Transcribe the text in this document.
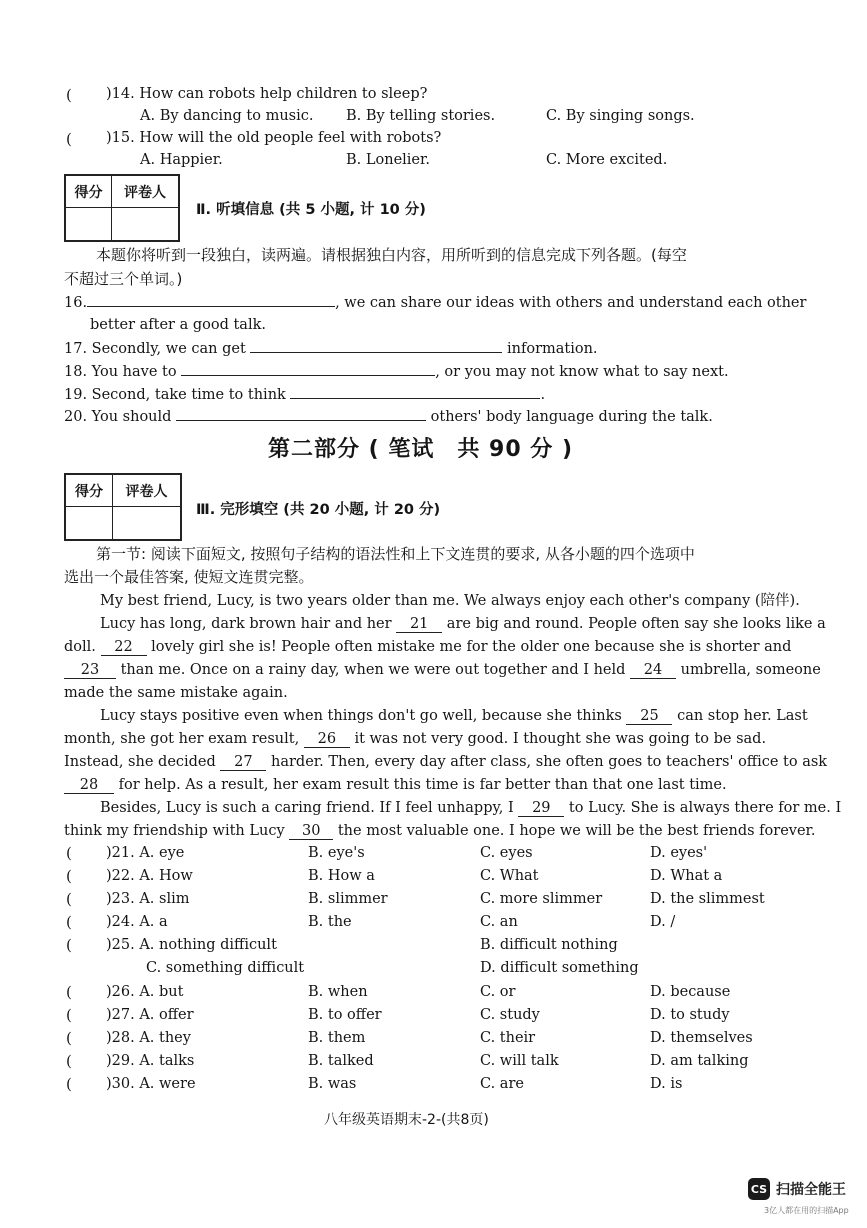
( )14. How can robots help children to sleep?
A. By dancing to music. B. By telling stories.	C. By singing songs.
( )15. How will the old people feel with robots?
A. Happier.	B. Lonelier.	C. More excited.
得分	评卷人

Ⅱ. 听填信息 (共 5 小题, 计 10 分)
本题你将听到一段独白，读两遍。请根据独白内容，用所听到的信息完成下列各题。(每空
不超过三个单词。)
16.	, we can share our ideas with others and understand each other
better after a good talk.
17. Secondly, we can get	information.
18. You have to	, or you may not know what to say next.
19. Second, take time to think	.
20. You should	others' body language during the talk.
第二部分 ( 笔试　共 90 分 )
得分	评卷人

Ⅲ. 完形填空 (共 20 小题, 计 20 分)
第一节: 阅读下面短文, 按照句子结构的语法性和上下文连贯的要求, 从各小题的四个选项中
选出一个最佳答案, 使短文连贯完整。
My best friend, Lucy, is two years older than me. We always enjoy each other's company (陪伴).
Lucy has long, dark brown hair and her 21 are big and round. People often say she looks like a
doll. 22 lovely girl she is! People often mistake me for the older one because she is shorter and
23 than me. Once on a rainy day, when we were out together and I held 24 umbrella, someone
made the same mistake again.
Lucy stays positive even when things don't go well, because she thinks 25 can stop her. Last
month, she got her exam result, 26 it was not very good. I thought she was going to be sad.
Instead, she decided 27 harder. Then, every day after class, she often goes to teachers' office to ask
28 for help. As a result, her exam result this time is far better than that one last time.
Besides, Lucy is such a caring friend. If I feel unhappy, I 29 to Lucy. She is always there for me. I
think my friendship with Lucy 30 the most valuable one. I hope we will be the best friends forever.
( )21. A. eye	B. eye's	C. eyes	D. eyes'
( )22. A. How	B. How a	C. What	D. What a
( )23. A. slim	B. slimmer	C. more slimmer	D. the slimmest
( )24. A. a	B. the	C. an	D. /
( )25. A. nothing difficult	B. difficult nothing
C. something difficult	D. difficult something
( )26. A. but	B. when	C. or	D. because
( )27. A. offer	B. to offer	C. study	D. to study
( )28. A. they	B. them	C. their	D. themselves
( )29. A. talks	B. talked	C. will talk	D. am talking
( )30. A. were	B. was	C. are	D. is
八年级英语期末-2-(共8页)
CS 扫描全能王
3亿人都在用的扫描App
